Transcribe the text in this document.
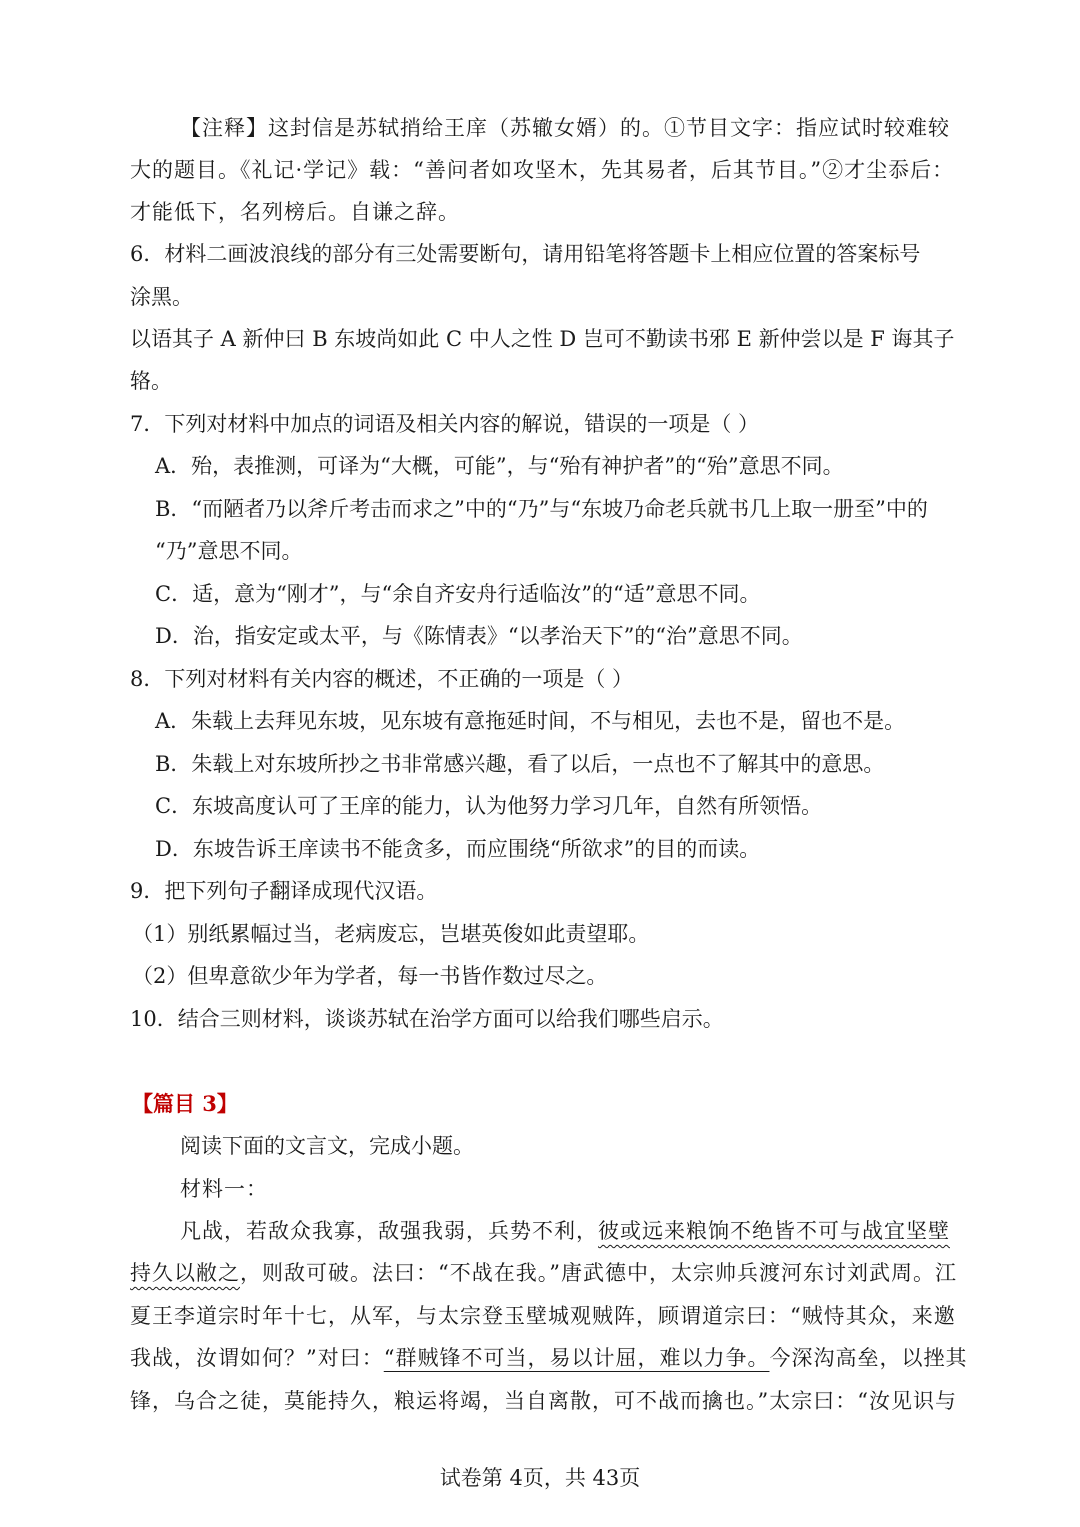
【注释】这封信是苏轼捎给王庠（苏辙女婿）的。①节目文字：指应试时较难较
大的题目。《礼记·学记》载：“善问者如攻坚木，先其易者，后其节目。”②才尘忝后：
才能低下，名列榜后。自谦之辞。
6．材料二画波浪线的部分有三处需要断句，请用铅笔将答题卡上相应位置的答案标号
涂黑。
以语其子 A 新仲曰 B 东坡尚如此 C 中人之性 D 岂可不勤读书邪 E 新仲尝以是 F 诲其子
辂。
7．下列对材料中加点的词语及相关内容的解说，错误的一项是（ ）
A．殆，表推测，可译为“大概，可能”，与“殆有神护者”的“殆”意思不同。
B．“而陋者乃以斧斤考击而求之”中的“乃”与“东坡乃命老兵就书几上取一册至”中的
“乃”意思不同。
C．适，意为“刚才”，与“余自齐安舟行适临汝”的“适”意思不同。
D．治，指安定或太平，与《陈情表》“以孝治天下”的“治”意思不同。
8．下列对材料有关内容的概述，不正确的一项是（ ）
A．朱载上去拜见东坡，见东坡有意拖延时间，不与相见，去也不是，留也不是。
B．朱载上对东坡所抄之书非常感兴趣，看了以后，一点也不了解其中的意思。
C．东坡高度认可了王庠的能力，认为他努力学习几年，自然有所领悟。
D．东坡告诉王庠读书不能贪多，而应围绕“所欲求”的目的而读。
9．把下列句子翻译成现代汉语。
（1）别纸累幅过当，老病废忘，岂堪英俊如此责望耶。
（2）但卑意欲少年为学者，每一书皆作数过尽之。
10．结合三则材料，谈谈苏轼在治学方面可以给我们哪些启示。
【篇目 3】
阅读下面的文言文，完成小题。
材料一：
凡战，若敌众我寡，敌强我弱，兵势不利，彼或远来粮饷不绝皆不可与战宜坚壁
持久以敝之，则敌可破。法曰：“不战在我。”唐武德中，太宗帅兵渡河东讨刘武周。江
夏王李道宗时年十七，从军，与太宗登玉壁城观贼阵，顾谓道宗曰：“贼恃其众，来邀
我战，汝谓如何？”对曰：“群贼锋不可当，易以计屈，难以力争。今深沟高垒，以挫其
锋，乌合之徒，莫能持久，粮运将竭，当自离散，可不战而擒也。”太宗曰：“汝见识与
试卷第 4页，共 43页
